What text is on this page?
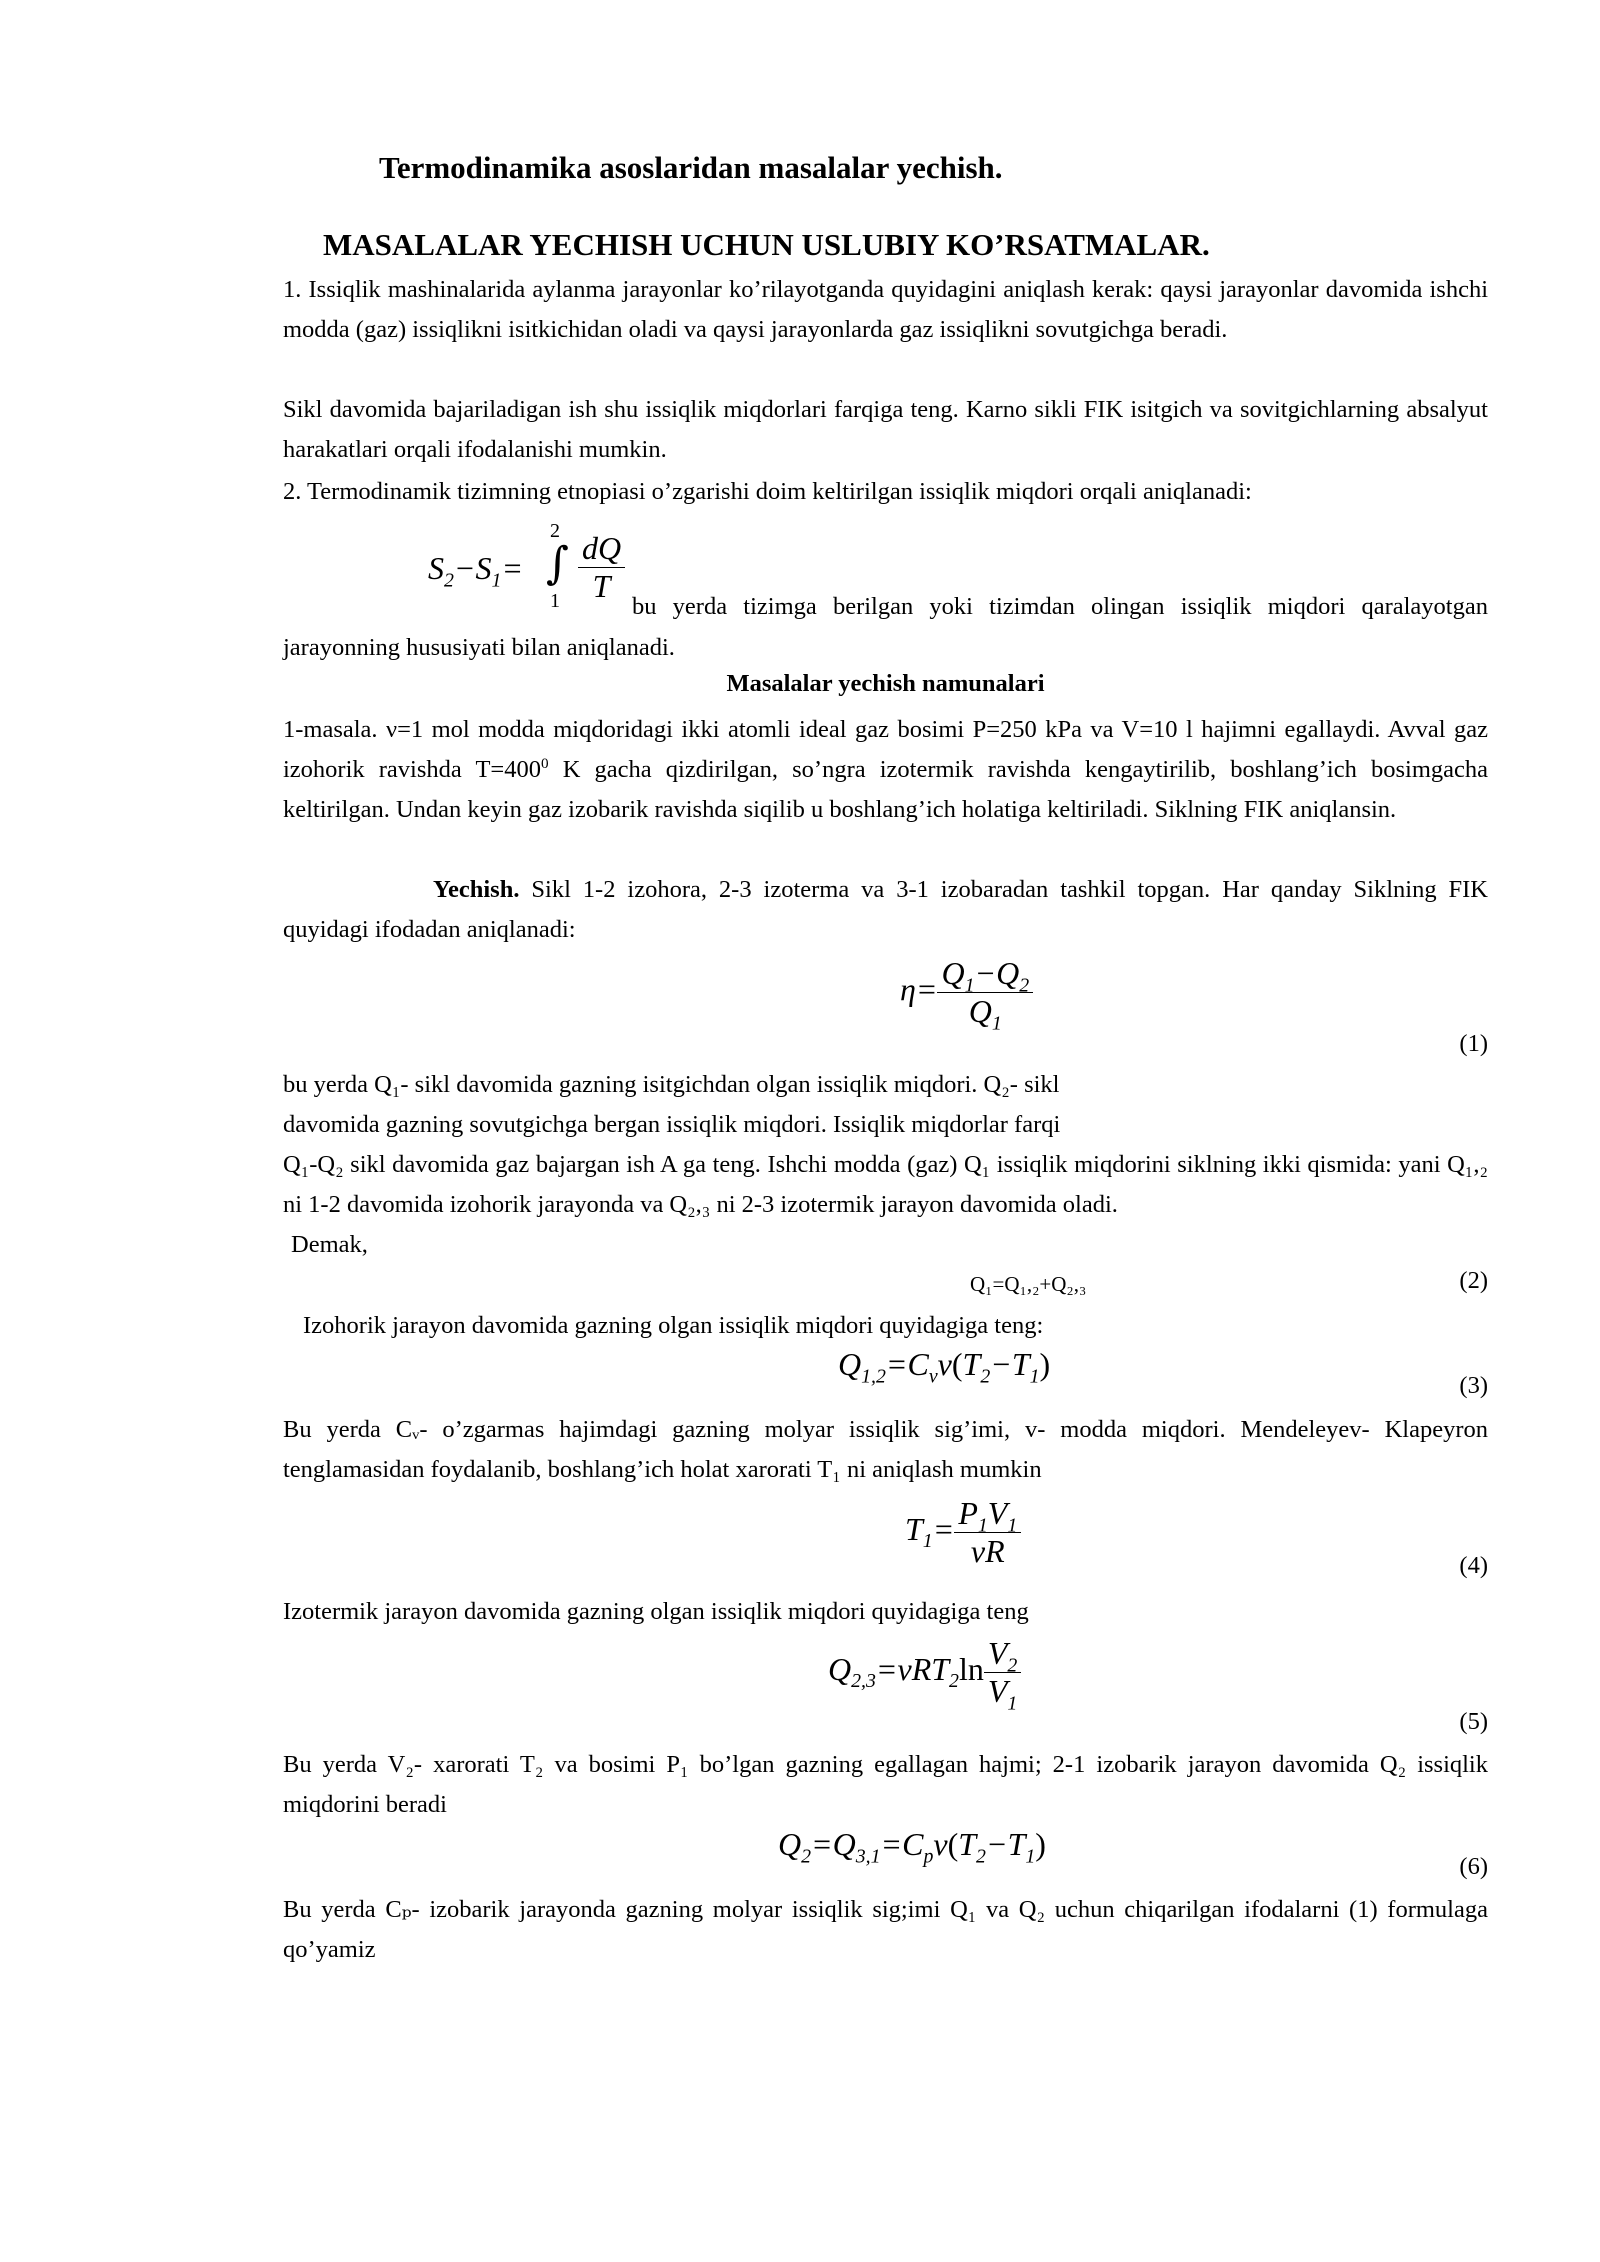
Termodinamika asoslaridan masalalar yechish.
MASALALAR YECHISH UCHUN USLUBIY KO’RSATMALAR.
1. Issiqlik mashinalarida aylanma jarayonlar ko’rilayotganda quyidagini aniqlash kerak: qaysi jarayonlar davomida ishchi modda (gaz) issiqlikni isitkichidan oladi va qaysi jarayonlarda gaz issiqlikni sovutgichga beradi.
Sikl davomida bajariladigan ish shu issiqlik miqdorlari farqiga teng. Karno sikli FIK isitgich va sovitgichlarning absalyut harakatlari orqali ifodalanishi mumkin.
2. Termodinamik tizimning etnopiasi o’zgarishi doim keltirilgan issiqlik miqdori orqali aniqlanadi:
$S_2-S_1=$
2
∫
$1 \frac{dQ}{T}$
bu yerda tizimga berilgan yoki tizimdan olingan issiqlik miqdori qaralayotgan
jarayonning hususiyati bilan aniqlanadi.
Masalalar yechish namunalari
1-masala. ν=1 mol modda miqdoridagi ikki atomli ideal gaz bosimi P=250 kPa va V=10 l hajimni egallaydi. Avval gaz izohorik ravishda $T=400^0$ K gacha qizdirilgan, so’ngra izotermik ravishda kengaytirilib, boshlang’ich bosimgacha keltirilgan. Undan keyin gaz izobarik ravishda siqilib u boshlang’ich holatiga keltiriladi. Siklning FIK aniqlansin.
Yechish. Sikl 1-2 izohora, 2-3 izoterma va 3-1 izobaradan tashkil topgan. Har qanday Siklning FIK quyidagi ifodadan aniqlanadi:
$\eta= \frac{Q_1-Q_2}{Q_1}$
(1)
bu yerda Q₁- sikl davomida gazning isitgichdan olgan issiqlik miqdori. Q₂- sikl
davomida gazning sovutgichga bergan issiqlik miqdori. Issiqlik miqdorlar farqi
Q₁-Q₂ sikl davomida gaz bajargan ish A ga teng. Ishchi modda (gaz) Q₁ issiqlik miqdorini siklning ikki qismida: yani Q₁,₂ ni 1-2 davomida izohorik jarayonda va Q₂,₃ ni 2-3 izotermik jarayon davomida oladi.
Demak,
Q₁=Q₁,₂+Q₂,₃	(2)
Izohorik jarayon davomida gazning olgan issiqlik miqdori quyidagiga teng:
$Q_{1,2}=C_vv(T_2-T_1)$
(3)
Bu yerda Cᵥ- o’zgarmas hajimdagi gazning molyar issiqlik sig’imi, v- modda miqdori. Mendeleyev- Klapeyron tenglamasidan foydalanib, boshlang’ich holat xarorati T₁ ni aniqlash mumkin
$T_1= \frac{P_1V_1}{vR}$	(4)
Izotermik jarayon davomida gazning olgan issiqlik miqdori quyidagiga teng
$Q_{2,3}=vRT_2\ln \frac{V_2}{V_1}$
(5)
Bu yerda V₂- xarorati T₂ va bosimi P₁ bo’lgan gazning egallagan hajmi; 2-1 izobarik jarayon davomida Q₂ issiqlik miqdorini beradi
$Q_2=Q_{3,1}=C_pv(T_2-T_1)$
(6)
Bu yerda Cₚ- izobarik jarayonda gazning molyar issiqlik sig;imi Q₁ va Q₂ uchun chiqarilgan ifodalarni (1) formulaga qo’yamiz
